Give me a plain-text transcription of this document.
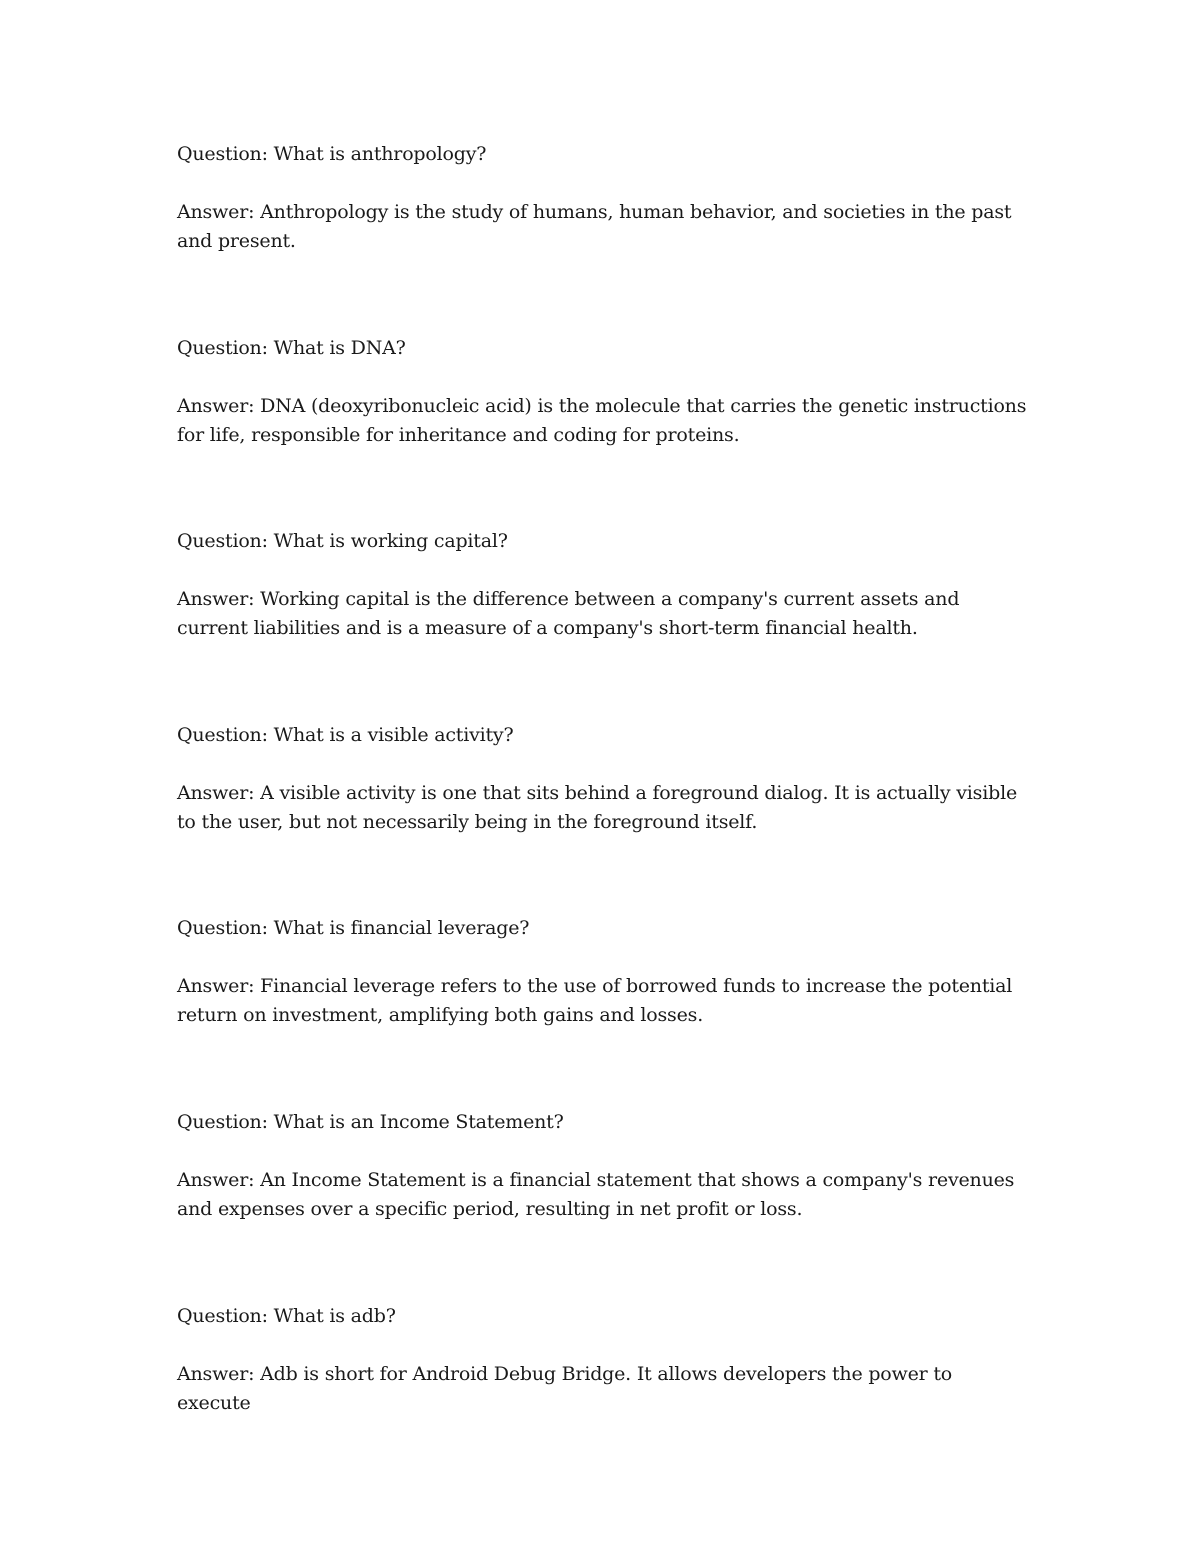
Question: What is anthropology?

Answer: Anthropology is the study of humans, human behavior, and societies in the past and present.

Question: What is DNA?

Answer: DNA (deoxyribonucleic acid) is the molecule that carries the genetic instructions for life, responsible for inheritance and coding for proteins.

Question: What is working capital?

Answer: Working capital is the difference between a company's current assets and current liabilities and is a measure of a company's short-term financial health.

Question: What is a visible activity?

Answer: A visible activity is one that sits behind a foreground dialog. It is actually visible to the user, but not necessarily being in the foreground itself.

Question: What is financial leverage?

Answer: Financial leverage refers to the use of borrowed funds to increase the potential return on investment, amplifying both gains and losses.

Question: What is an Income Statement?

Answer: An Income Statement is a financial statement that shows a company's revenues and expenses over a specific period, resulting in net profit or loss.

Question: What is adb?

Answer: Adb is short for Android Debug Bridge. It allows developers the power to execute
